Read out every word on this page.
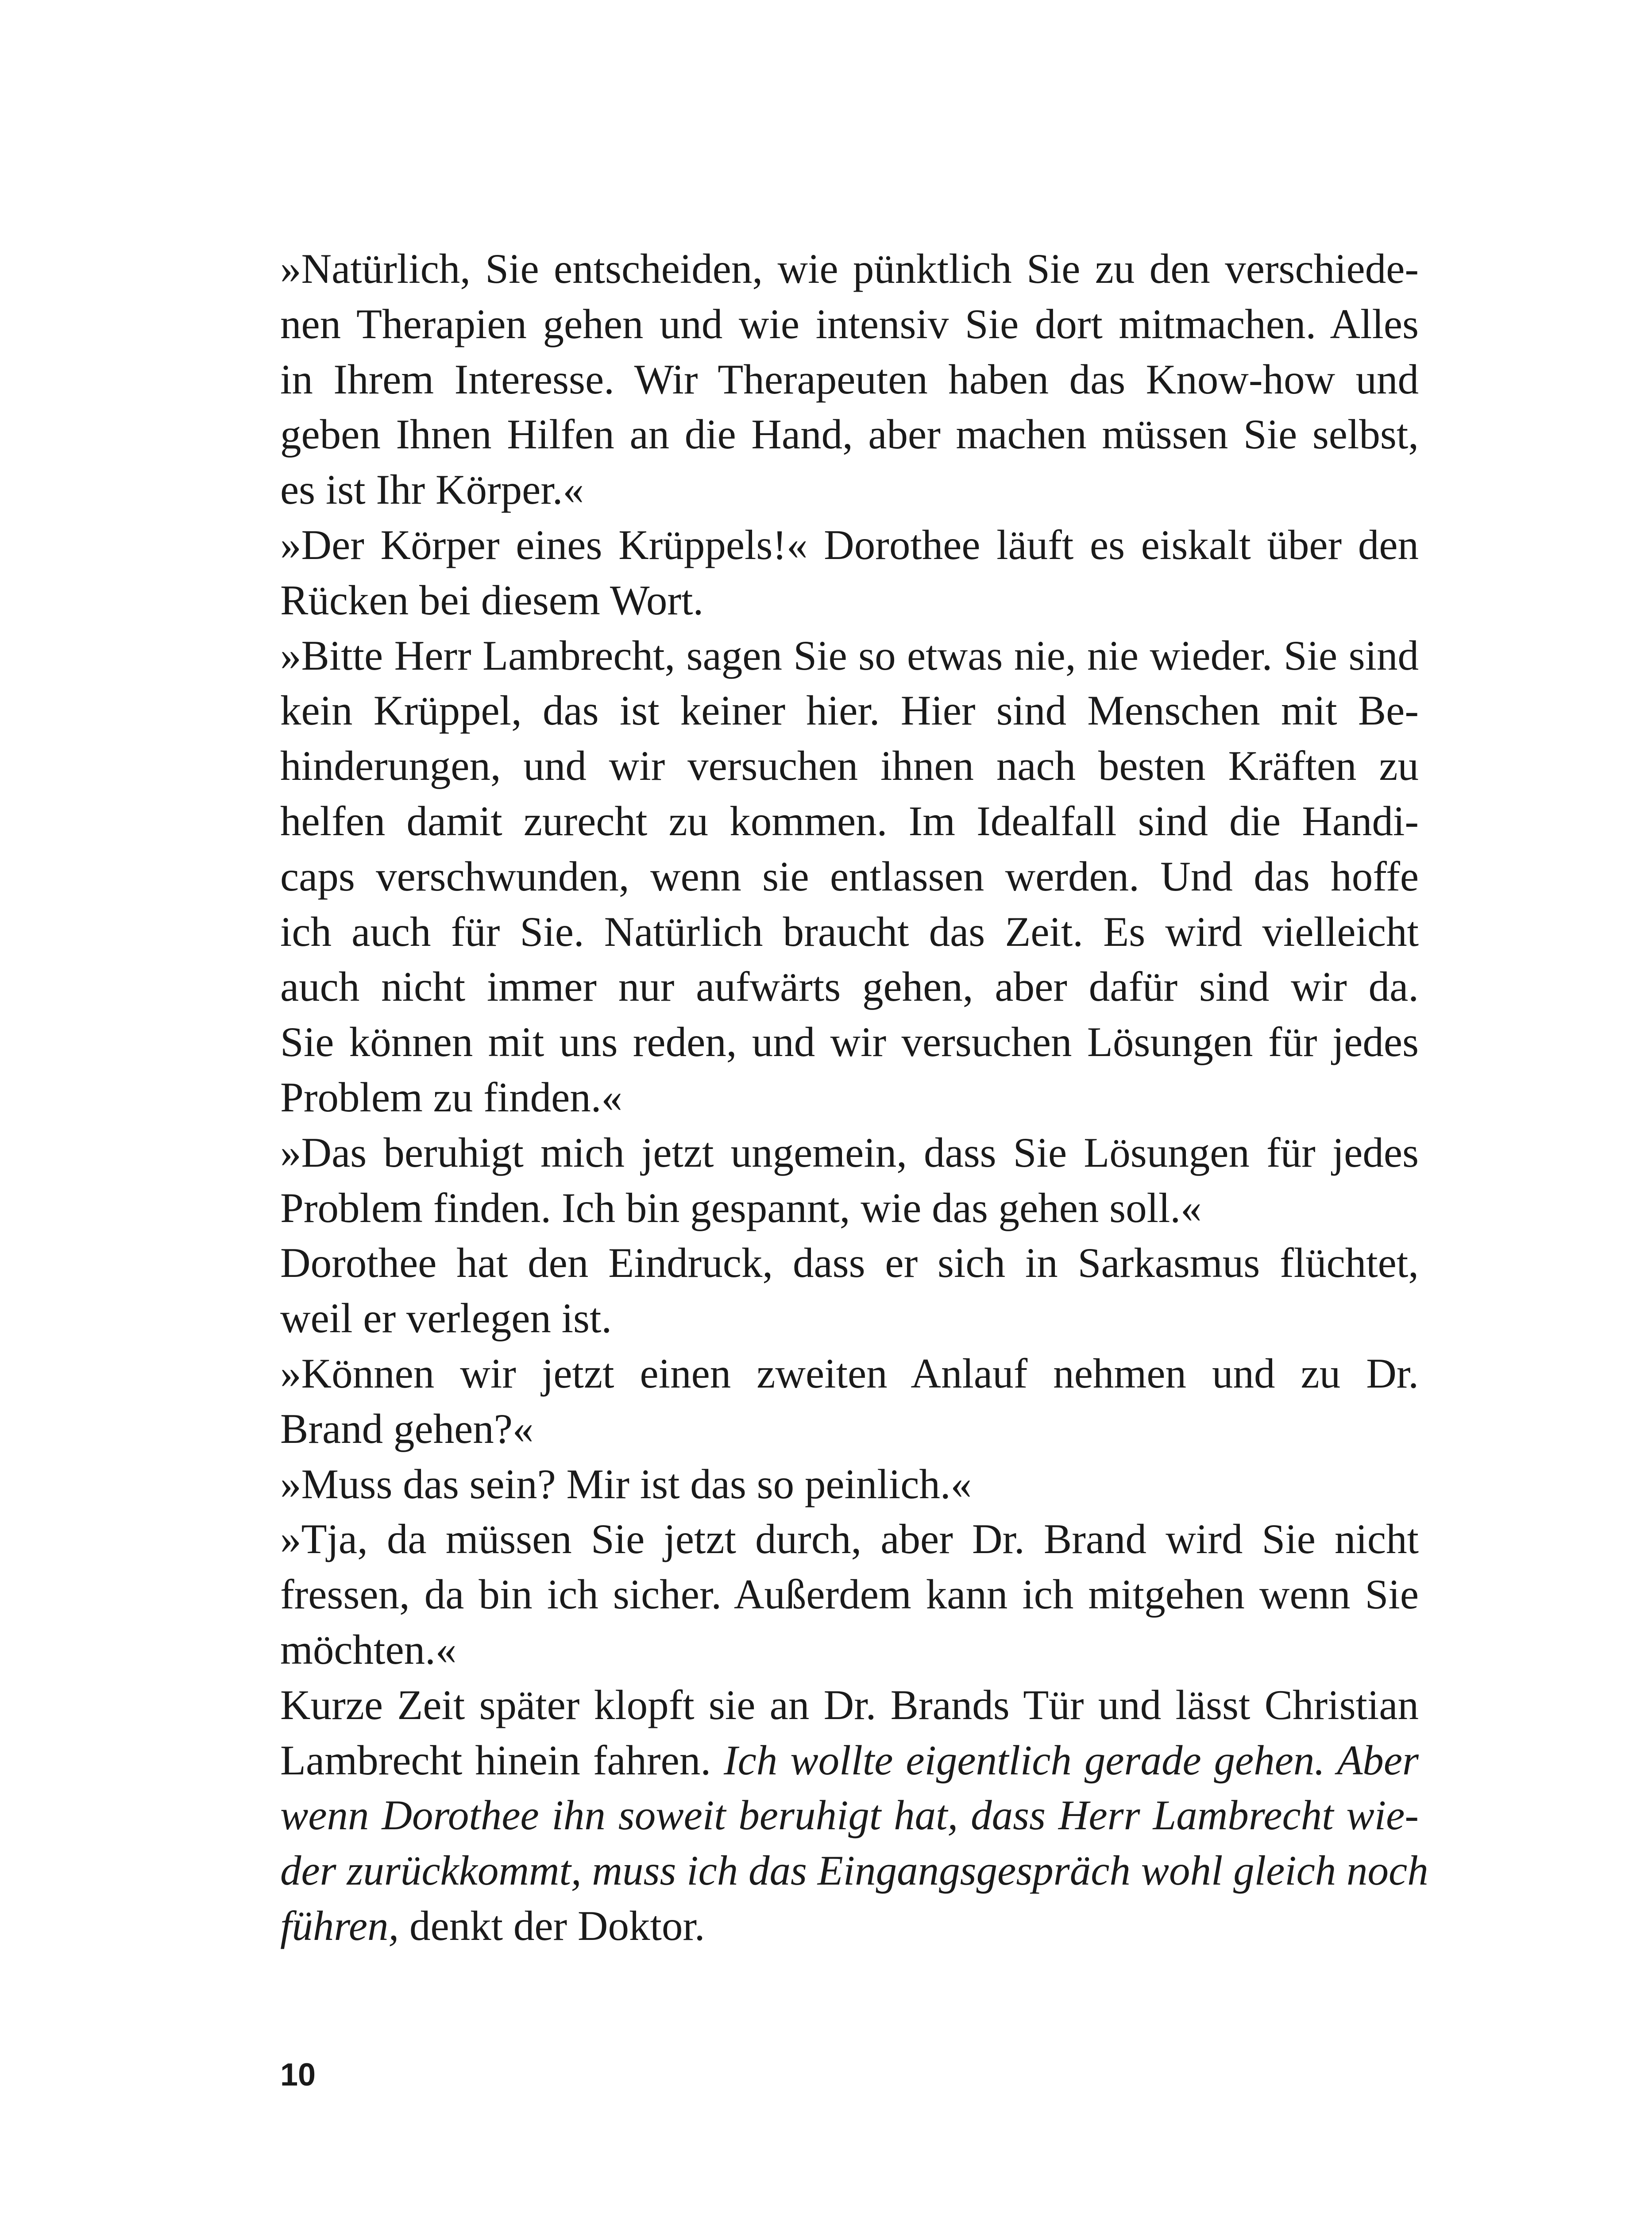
»Natürlich, Sie entscheiden, wie pünktlich Sie zu den verschiede-
nen Therapien gehen und wie intensiv Sie dort mitmachen. Alles
in Ihrem Interesse. Wir Therapeuten haben das Know-how und
geben Ihnen Hilfen an die Hand, aber machen müssen Sie selbst,
es ist Ihr Körper.«
»Der Körper eines Krüppels!« Dorothee läuft es eiskalt über den
Rücken bei diesem Wort.
»Bitte Herr Lambrecht, sagen Sie so etwas nie, nie wieder. Sie sind
kein Krüppel, das ist keiner hier. Hier sind Menschen mit Be-
hinderungen, und wir versuchen ihnen nach besten Kräften zu
helfen damit zurecht zu kommen. Im Idealfall sind die Handi-
caps verschwunden, wenn sie entlassen werden. Und das hoffe
ich auch für Sie. Natürlich braucht das Zeit. Es wird vielleicht
auch nicht immer nur aufwärts gehen, aber dafür sind wir da.
Sie können mit uns reden, und wir versuchen Lösungen für jedes
Problem zu finden.«
»Das beruhigt mich jetzt ungemein, dass Sie Lösungen für jedes
Problem finden. Ich bin gespannt, wie das gehen soll.«
Dorothee hat den Eindruck, dass er sich in Sarkasmus flüchtet,
weil er verlegen ist.
»Können wir jetzt einen zweiten Anlauf nehmen und zu Dr.
Brand gehen?«
»Muss das sein? Mir ist das so peinlich.«
»Tja, da müssen Sie jetzt durch, aber Dr. Brand wird Sie nicht
fressen, da bin ich sicher. Außerdem kann ich mitgehen wenn Sie
möchten.«
Kurze Zeit später klopft sie an Dr. Brands Tür und lässt Christian
Lambrecht hinein fahren. Ich wollte eigentlich gerade gehen. Aber
wenn Dorothee ihn soweit beruhigt hat, dass Herr Lambrecht wie-
der zurückkommt, muss ich das Eingangsgespräch wohl gleich noch
führen, denkt der Doktor.
10
